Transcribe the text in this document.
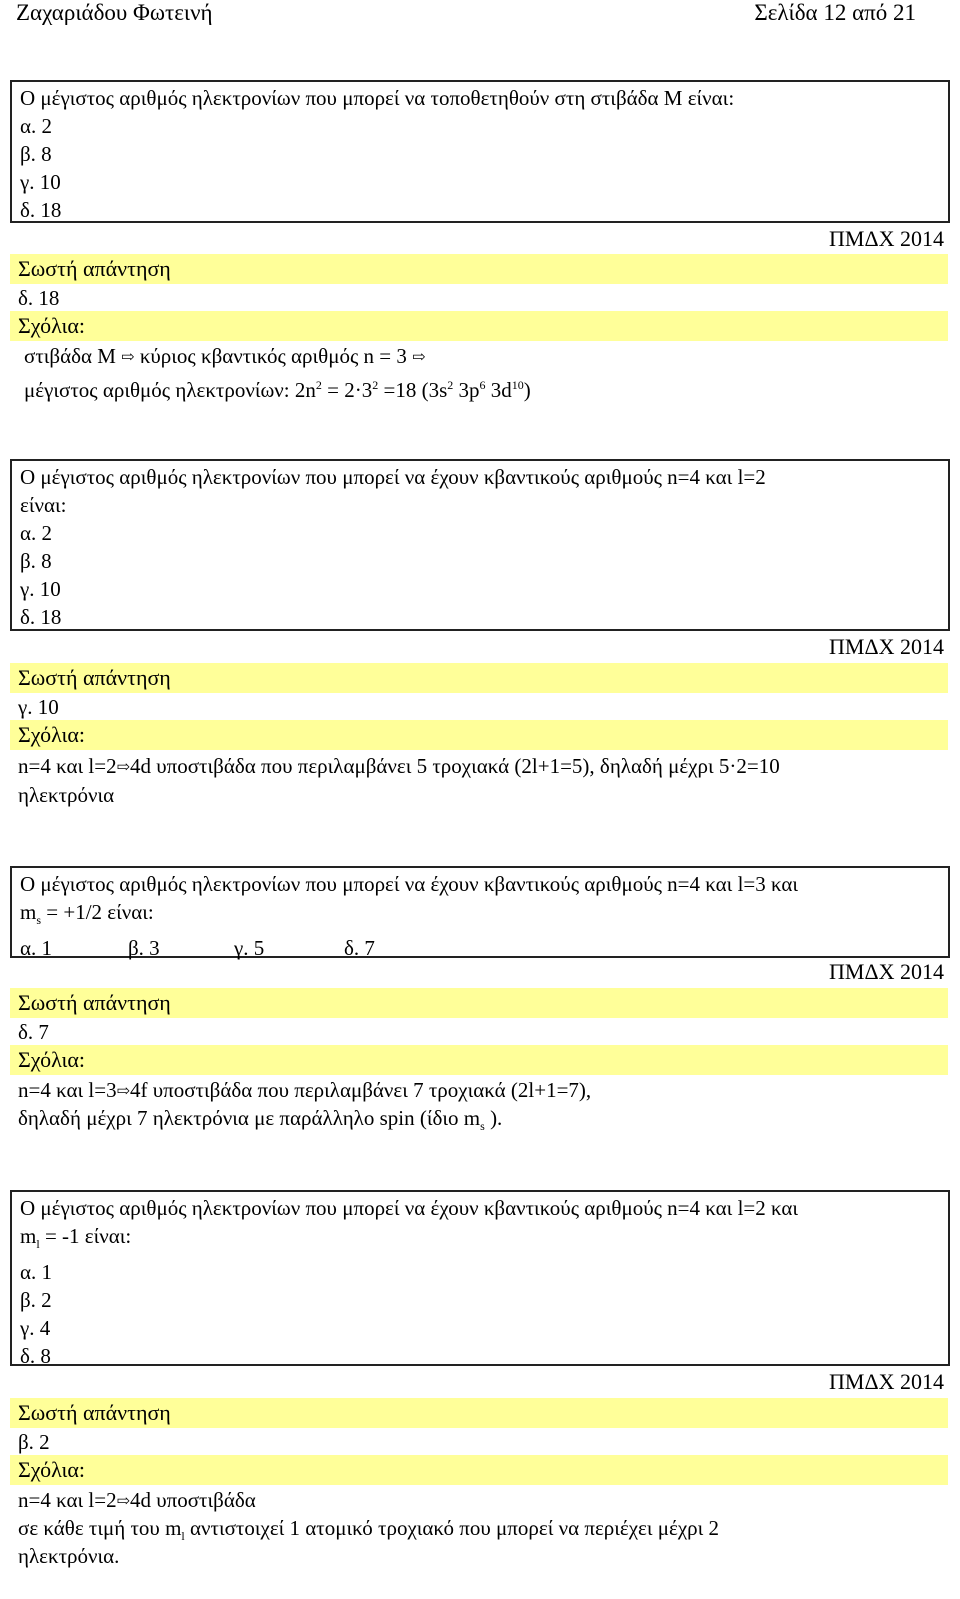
Ζαχαριάδου Φωτεινή	Σελίδα 12 από 21
Ο μέγιστος αριθμός ηλεκτρονίων που μπορεί να τοποθετηθούν στη στιβάδα Μ είναι:
α. 2
β. 8
γ. 10
δ. 18
ΠΜΔΧ 2014
Σωστή απάντηση
δ. 18
Σχόλια:
στιβάδα Μ ⇨ κύριος κβαντικός αριθμός n = 3 ⇨
μέγιστος αριθμός ηλεκτρονίων: $2n^2 = 2\cdot 3^2 =18$ ($3s^2$ $3p^6$ $3d^{10}$)
Ο μέγιστος αριθμός ηλεκτρονίων που μπορεί να έχουν κβαντικούς αριθμούς n=4 και l=2
είναι:
α. 2
β. 8
γ. 10
δ. 18
ΠΜΔΧ 2014
Σωστή απάντηση
γ. 10
Σχόλια:
n=4 και l=2⇨4d υποστιβάδα που περιλαμβάνει 5 τροχιακά (2l+1=5), δηλαδή μέχρι 5·2=10
ηλεκτρόνια
Ο μέγιστος αριθμός ηλεκτρονίων που μπορεί να έχουν κβαντικούς αριθμούς n=4 και l=3 και
$m_s = +1/2$ είναι:
α. 1	β. 3	γ. 5	δ. 7
ΠΜΔΧ 2014
Σωστή απάντηση
δ. 7
Σχόλια:
n=4 και l=3⇨4f υποστιβάδα που περιλαμβάνει 7 τροχιακά (2l+1=7),
δηλαδή μέχρι 7 ηλεκτρόνια με παράλληλο spin (ίδιο $m_s$ ).
Ο μέγιστος αριθμός ηλεκτρονίων που μπορεί να έχουν κβαντικούς αριθμούς n=4 και l=2 και
$m_l = -1$ είναι:
α. 1
β. 2
γ. 4
δ. 8
ΠΜΔΧ 2014
Σωστή απάντηση
β. 2
Σχόλια:
n=4 και l=2⇨4d υποστιβάδα
σε κάθε τιμή του $m_l$ αντιστοιχεί 1 ατομικό τροχιακό που μπορεί να περιέχει μέχρι 2
ηλεκτρόνια.
